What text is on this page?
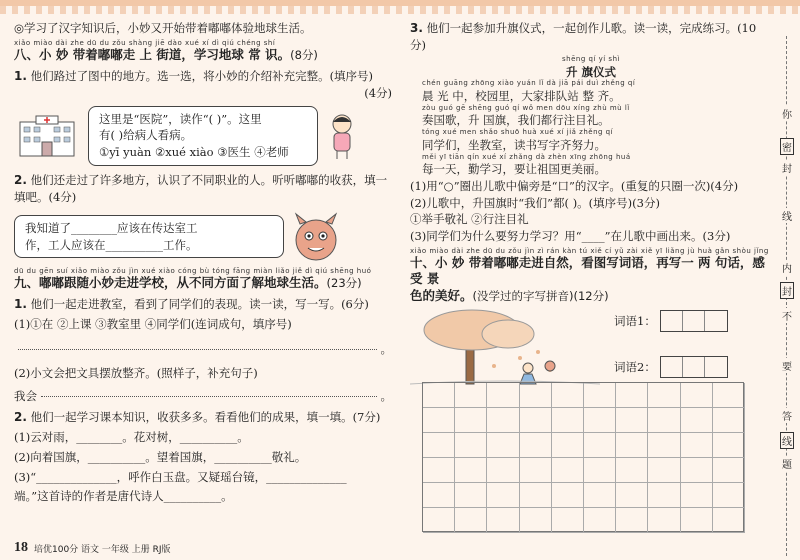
◎学习了汉字知识后，小妙又开始带着嘟嘟体验地球生活。
xiǎo miào dài zhe dū du zǒu shàng jiē dào xué xí dì qiú chéng shí
八、小 妙 带着嘟嘟走 上 街道，学习地球 常 识。(8分)
1. 他们路过了图中的地方。选一选，将小妙的介绍补充完整。(填序号)
(4分)
这里是“医院”，读作“( )”。这里
有( )给病人看病。
①yī yuàn ②xué xiào ③医生 ④老师
2. 他们还走过了许多地方，认识了不同职业的人。听听嘟嘟的收获，填一填吧。(4分)
我知道了________应该在传达室工
作，工人应该在__________工作。
dū du gēn suí xiǎo miào zǒu jìn xué xiào cóng bù tóng fāng miàn liǎo jiě dì qiú shēng huó
九、嘟嘟跟随小妙走进学校，从不同方面了解地球生活。(23分)
1. 他们一起走进教室，看到了同学们的表现。读一读，写一写。(6分)
(1)①在 ②上课 ③教室里 ④同学们(连词成句，填序号)
。
(2)小文会把文具摆放整齐。(照样子，补充句子)
我会	。
2. 他们一起学习课本知识，收获多多。看看他们的成果，填一填。(7分)
(1)云对雨，________。花对树，__________。
(2)向着国旗，__________。望着国旗，__________敬礼。
(3)“______________，呼作白玉盘。又疑瑶台镜，______________
端。”这首诗的作者是唐代诗人__________。
3. 他们一起参加升旗仪式，一起创作儿歌。读一读，完成练习。(10分)
shēng qí yí shì
升 旗仪式
chén guāng zhōng xiào yuán lǐ dà jiā pái duì zhěng qí
晨 光 中，校园里，大家排队站 整 齐。
zòu guó gē shēng guó qí wǒ men dōu xíng zhù mù lǐ
奏国歌，升 国旗，我们都行注目礼。
tóng xué men shǎo shuō huà xué xí jiǎ zhěng qí
同学们，坐教室，读书写字齐努力。
měi yī tiān qín xué xí zhǎng dà zhèn xīng zhōng huá
每一天，勤学习，要让祖国更美丽。
(1)用“○”圈出儿歌中偏旁是“口”的汉字。(重复的只圈一次)(4分)
(2)儿歌中，升国旗时“我们”都( )。(填序号)(3分)
①举手敬礼 ②行注目礼
(3)同学们为什么要努力学习？用“____”在儿歌中画出来。(3分)
xiǎo miào dài zhe dū du zǒu jìn zì rán kàn tú xiě cí yǔ zài xiě yī liǎng jù huà gǎn shòu jǐng
十、小 妙 带着嘟嘟走进自然，看图写词语，再写一 两 句话，感 受 景
色的美好。(没学过的字写拼音)(12分)
词语1：
词语2：
你
密
封
线
内
封
不
要
答
线
题
18 培优100分 语文 一年级 上册 RJ版
